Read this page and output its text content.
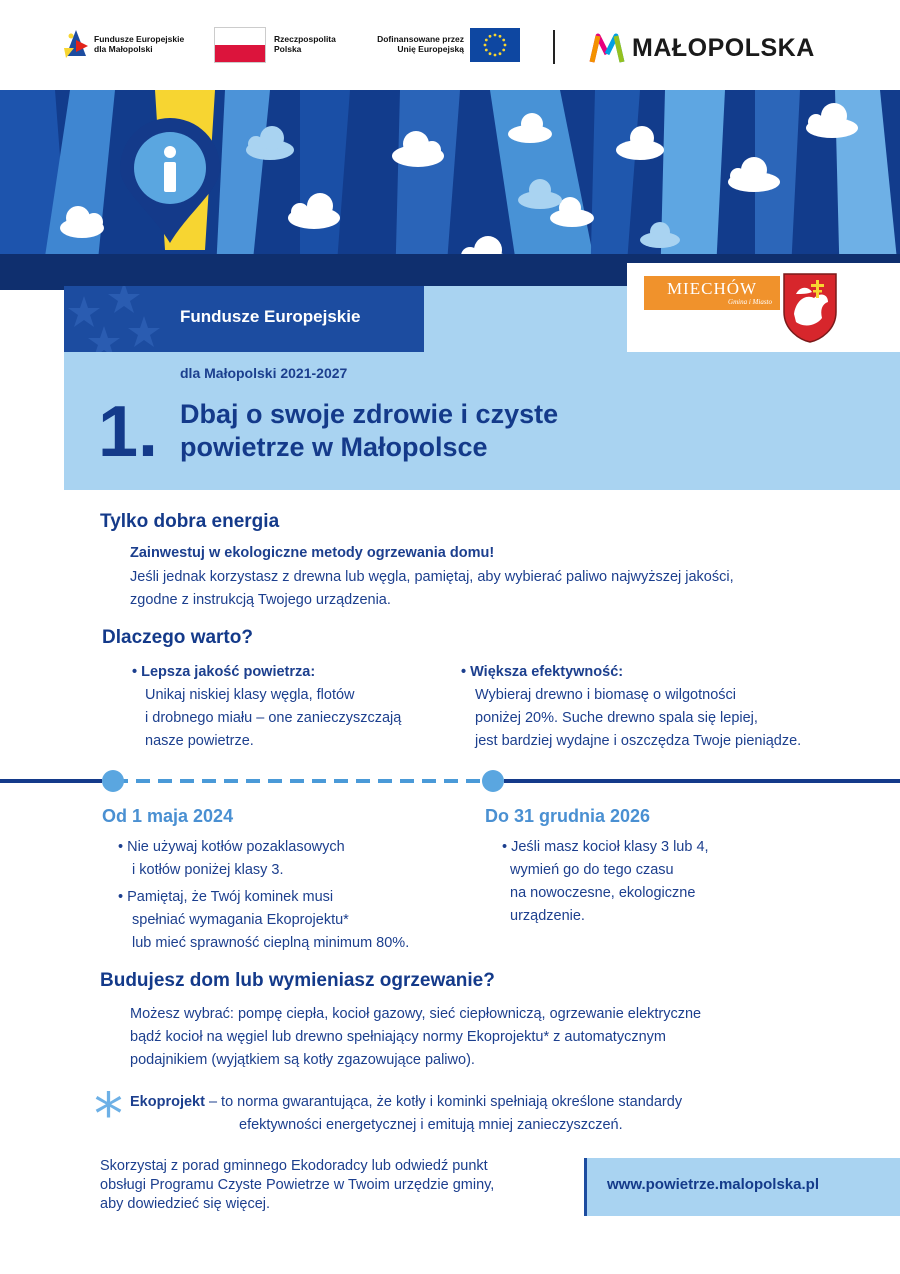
Fundusze Europejskie
dla Małopolski
Rzeczpospolita
Polska
Dofinansowane przez
Unię Europejską	MAŁOPOLSKA
Fundusze Europejskie
MIECHÓW
Gmina i Miasto
dla Małopolski 2021-2027
1. Dbaj o swoje zdrowie i czyste
powietrze w Małopolsce
Tylko dobra energia
Zainwestuj w ekologiczne metody ogrzewania domu!
Jeśli jednak korzystasz z drewna lub węgla, pamiętaj, aby wybierać paliwo najwyższej jakości,
zgodne z instrukcją Twojego urządzenia.
Dlaczego warto?
• Lepsza jakość powietrza:
Unikaj niskiej klasy węgla, flotów
i drobnego miału – one zanieczyszczają
nasze powietrze.
• Większa efektywność:
Wybieraj drewno i biomasę o wilgotności
poniżej 20%. Suche drewno spala się lepiej,
jest bardziej wydajne i oszczędza Twoje pieniądze.
Od 1 maja 2024
• Nie używaj kotłów pozaklasowych
i kotłów poniżej klasy 3.
• Pamiętaj, że Twój kominek musi
spełniać wymagania Ekoprojektu*
lub mieć sprawność cieplną minimum 80%.
Do 31 grudnia 2026
• Jeśli masz kocioł klasy 3 lub 4,
wymień go do tego czasu
na nowoczesne, ekologiczne
urządzenie.
Budujesz dom lub wymieniasz ogrzewanie?
Możesz wybrać: pompę ciepła, kocioł gazowy, sieć ciepłowniczą, ogrzewanie elektryczne
bądź kocioł na węgiel lub drewno spełniający normy Ekoprojektu* z automatycznym
podajnikiem (wyjątkiem są kotły zgazowujące paliwo).
* Ekoprojekt – to norma gwarantująca, że kotły i kominki spełniają określone standardy
efektywności energetycznej i emitują mniej zanieczyszczeń.
Skorzystaj z porad gminnego Ekodoradcy lub odwiedź punkt
obsługi Programu Czyste Powietrze w Twoim urzędzie gminy,
aby dowiedzieć się więcej.
www.powietrze.malopolska.pl
